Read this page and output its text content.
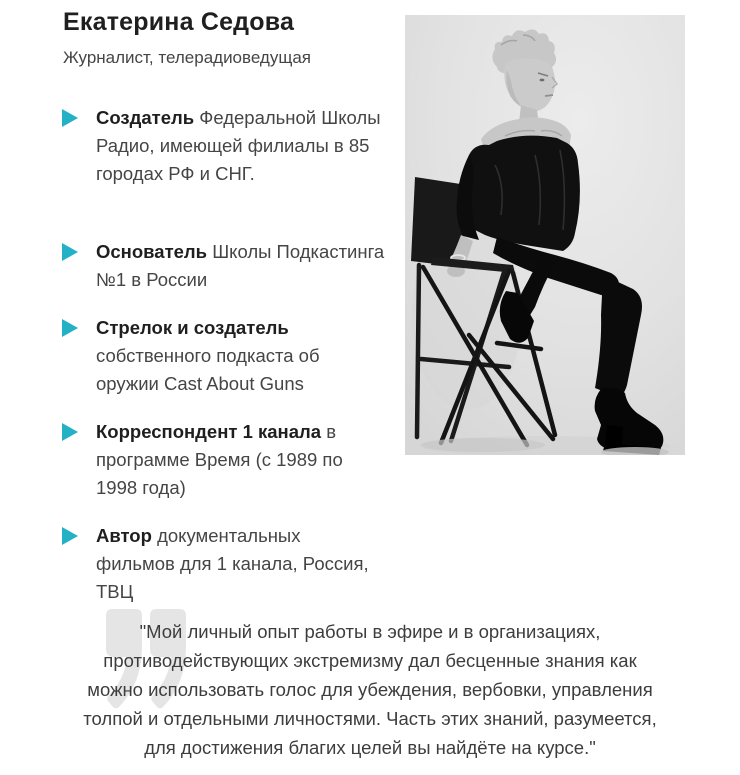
Екатерина Седова
Журналист, телерадиоведущая
Создатель Федеральной Школы
Радио, имеющей филиалы в 85
городах РФ и СНГ.
Основатель Школы Подкастинга
№1 в России
Стрелок и создатель
собственного подкаста об
оружии Cast About Guns
Корреспондент 1 канала в
программе Время (с 1989 по
1998 года)
Автор документальных
фильмов для 1 канала, Россия,
ТВЦ
"Мой личный опыт работы в эфире и в организациях,
противодействующих экстремизму дал бесценные знания как
можно использовать голос для убеждения, вербовки, управления
толпой и отдельными личностями. Часть этих знаний, разумеется,
для достижения благих целей вы найдёте на курсе."
